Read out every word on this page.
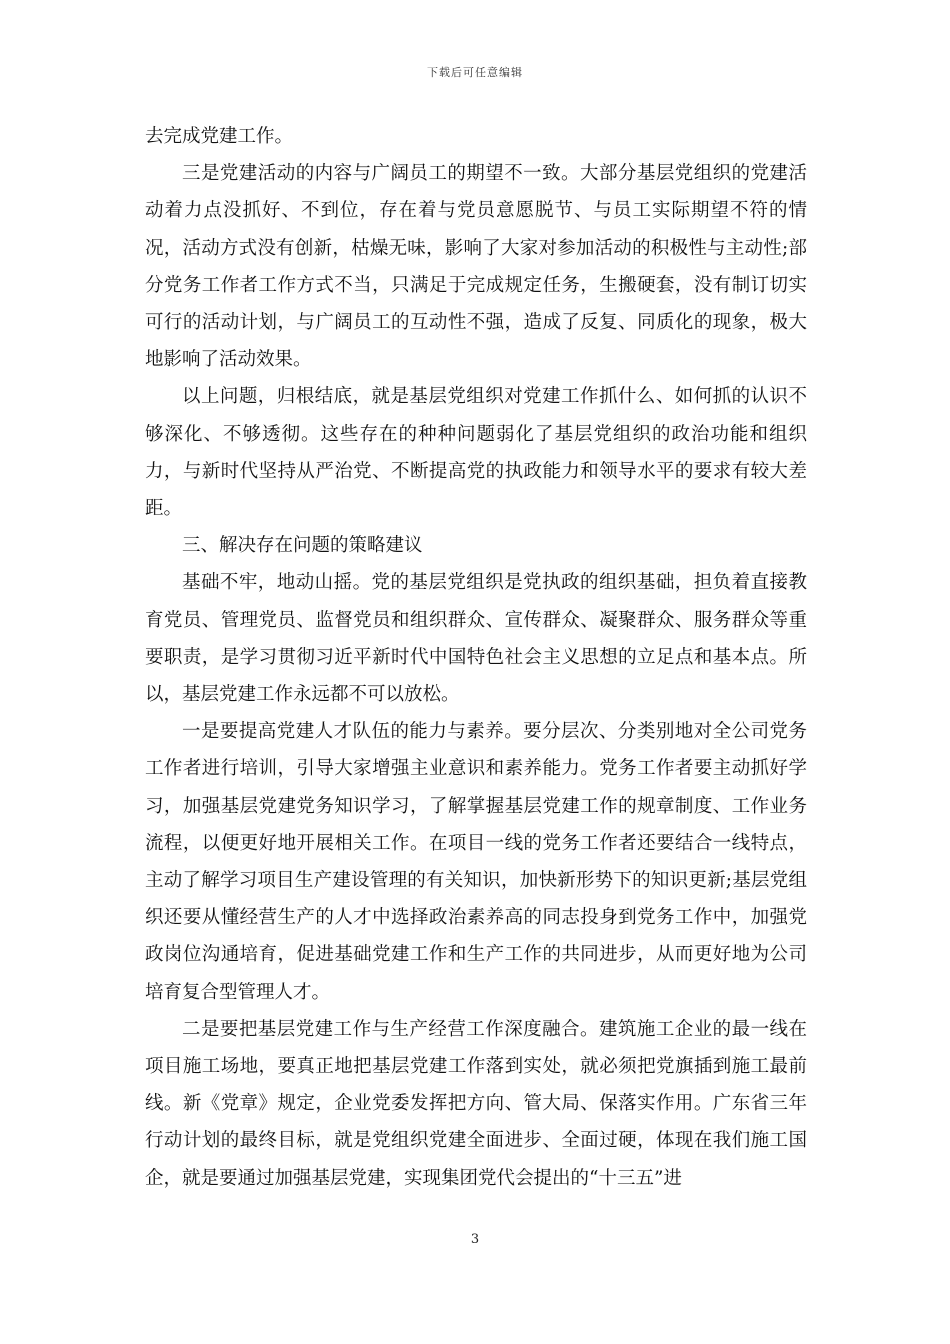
下载后可任意编辑

去完成党建工作。

三是党建活动的内容与广阔员工的期望不一致。大部分基层党组织的党建活动着力点没抓好、不到位，存在着与党员意愿脱节、与员工实际期望不符的情况，活动方式没有创新，枯燥无味，影响了大家对参加活动的积极性与主动性;部分党务工作者工作方式不当，只满足于完成规定任务，生搬硬套，没有制订切实可行的活动计划，与广阔员工的互动性不强，造成了反复、同质化的现象，极大地影响了活动效果。

以上问题，归根结底，就是基层党组织对党建工作抓什么、如何抓的认识不够深化、不够透彻。这些存在的种种问题弱化了基层党组织的政治功能和组织力，与新时代坚持从严治党、不断提高党的执政能力和领导水平的要求有较大差距。

三、解决存在问题的策略建议

基础不牢，地动山摇。党的基层党组织是党执政的组织基础，担负着直接教育党员、管理党员、监督党员和组织群众、宣传群众、凝聚群众、服务群众等重要职责，是学习贯彻习近平新时代中国特色社会主义思想的立足点和基本点。所以，基层党建工作永远都不可以放松。

一是要提高党建人才队伍的能力与素养。要分层次、分类别地对全公司党务工作者进行培训，引导大家增强主业意识和素养能力。党务工作者要主动抓好学习，加强基层党建党务知识学习，了解掌握基层党建工作的规章制度、工作业务流程，以便更好地开展相关工作。在项目一线的党务工作者还要结合一线特点，主动了解学习项目生产建设管理的有关知识，加快新形势下的知识更新;基层党组织还要从懂经营生产的人才中选择政治素养高的同志投身到党务工作中，加强党政岗位沟通培育，促进基础党建工作和生产工作的共同进步，从而更好地为公司培育复合型管理人才。

二是要把基层党建工作与生产经营工作深度融合。建筑施工企业的最一线在项目施工场地，要真正地把基层党建工作落到实处，就必须把党旗插到施工最前线。新《党章》规定，企业党委发挥把方向、管大局、保落实作用。广东省三年行动计划的最终目标，就是党组织党建全面进步、全面过硬，体现在我们施工国企，就是要通过加强基层党建，实现集团党代会提出的“十三五”进

3
